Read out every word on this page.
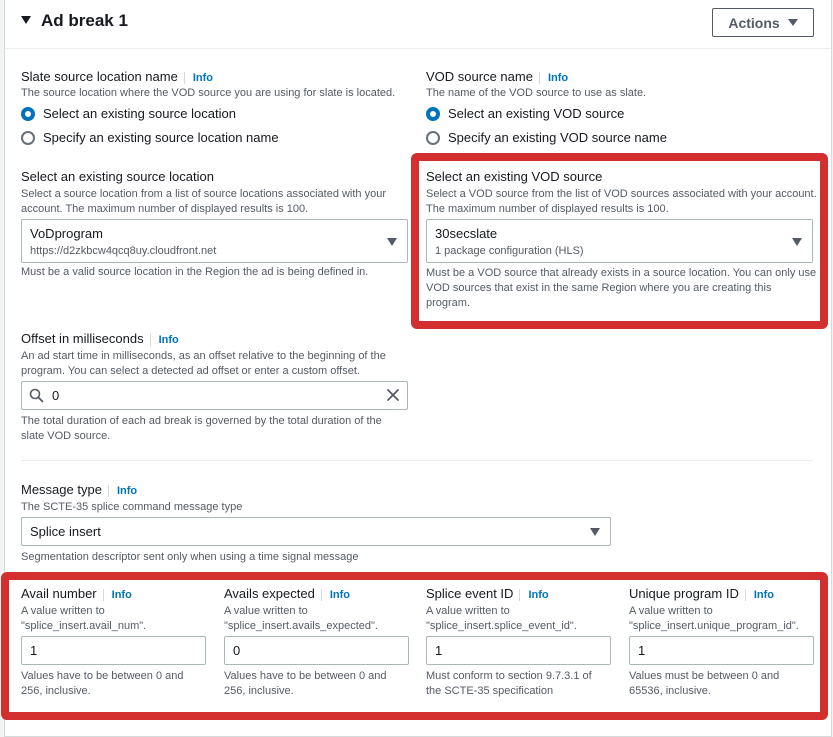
Ad break 1	Actions
Slate source location name Info
The source location where the VOD source you are using for slate is located.
Select an existing source location
Specify an existing source location name
VOD source name Info
The name of the VOD source to use as slate.
Select an existing VOD source
Specify an existing VOD source name
Select an existing source location
Select a source location from a list of source locations associated with your
account. The maximum number of displayed results is 100.
VoDprogram
https://d2zkbcw4qcq8uy.cloudfront.net
Must be a valid source location in the Region the ad is being defined in.
Select an existing VOD source
Select a VOD source from the list of VOD sources associated with your account.
The maximum number of displayed results is 100.
30secslate
1 package configuration (HLS)
Must be a VOD source that already exists in a source location. You can only use
VOD sources that exist in the same Region where you are creating this
program.
Offset in milliseconds Info
An ad start time in milliseconds, as an offset relative to the beginning of the
program. You can select a detected ad offset or enter a custom offset.
0
The total duration of each ad break is governed by the total duration of the
slate VOD source.
Message type Info
The SCTE-35 splice command message type
Splice insert
Segmentation descriptor sent only when using a time signal message
Avail number Info
A value written to
"splice_insert.avail_num".
1
Values have to be between 0 and
256, inclusive.
Avails expected Info
A value written to
"splice_insert.avails_expected".
0
Values have to be between 0 and
256, inclusive.
Splice event ID Info
A value written to
"splice_insert.splice_event_id".
1
Must conform to section 9.7.3.1 of
the SCTE-35 specification
Unique program ID Info
A value written to
"splice_insert.unique_program_id".
1
Values must be between 0 and
65536, inclusive.
